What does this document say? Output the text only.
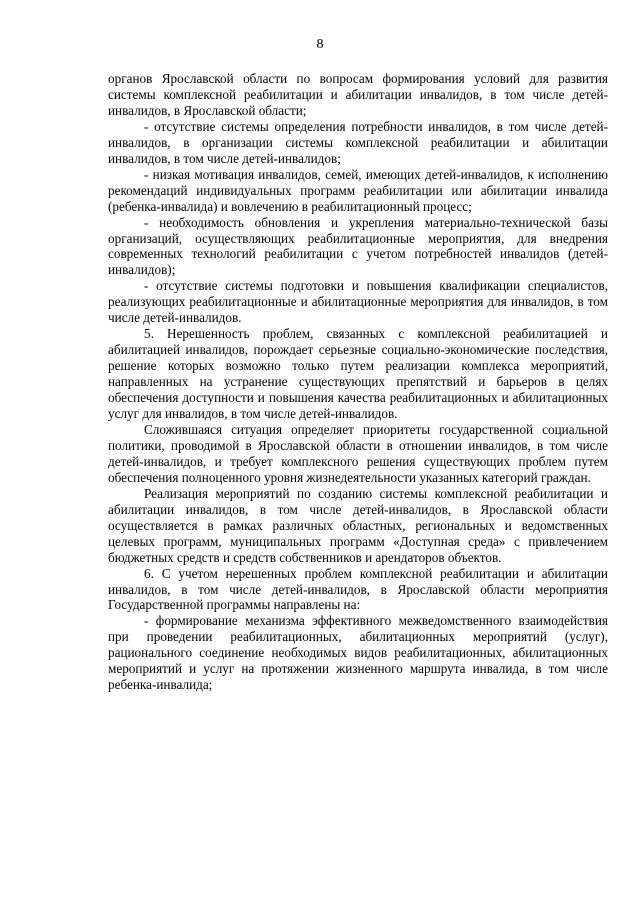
8

органов Ярославской области по вопросам формирования условий для развития системы комплексной реабилитации и абилитации инвалидов, в том числе детей-инвалидов, в Ярославской области;

- отсутствие системы определения потребности инвалидов, в том числе детей-инвалидов, в организации системы комплексной реабилитации и абилитации инвалидов, в том числе детей-инвалидов;

- низкая мотивация инвалидов, семей, имеющих детей-инвалидов, к исполнению рекомендаций индивидуальных программ реабилитации или абилитации инвалида (ребенка-инвалида) и вовлечению в реабилитационный процесс;

- необходимость обновления и укрепления материально-технической базы организаций, осуществляющих реабилитационные мероприятия, для внедрения современных технологий реабилитации с учетом потребностей инвалидов (детей-инвалидов);

- отсутствие системы подготовки и повышения квалификации специалистов, реализующих реабилитационные и абилитационные мероприятия для инвалидов, в том числе детей-инвалидов.

5. Нерешенность проблем, связанных с комплексной реабилитацией и абилитацией инвалидов, порождает серьезные социально-экономические последствия, решение которых возможно только путем реализации комплекса мероприятий, направленных на устранение существующих препятствий и барьеров в целях обеспечения доступности и повышения качества реабилитационных и абилитационных услуг для инвалидов, в том числе детей-инвалидов.

Сложившаяся ситуация определяет приоритеты государственной социальной политики, проводимой в Ярославской области в отношении инвалидов, в том числе детей-инвалидов, и требует комплексного решения существующих проблем путем обеспечения полноценного уровня жизнедеятельности указанных категорий граждан.

Реализация мероприятий по созданию системы комплексной реабилитации и абилитации инвалидов, в том числе детей-инвалидов, в Ярославской области осуществляется в рамках различных областных, региональных и ведомственных целевых программ, муниципальных программ «Доступная среда» с привлечением бюджетных средств и средств собственников и арендаторов объектов.

6. С учетом нерешенных проблем комплексной реабилитации и абилитации инвалидов, в том числе детей-инвалидов, в Ярославской области мероприятия Государственной программы направлены на:

- формирование механизма эффективного межведомственного взаимодействия при проведении реабилитационных, абилитационных мероприятий (услуг), рационального соединение необходимых видов реабилитационных, абилитационных мероприятий и услуг на протяжении жизненного маршрута инвалида, в том числе ребенка-инвалида;
